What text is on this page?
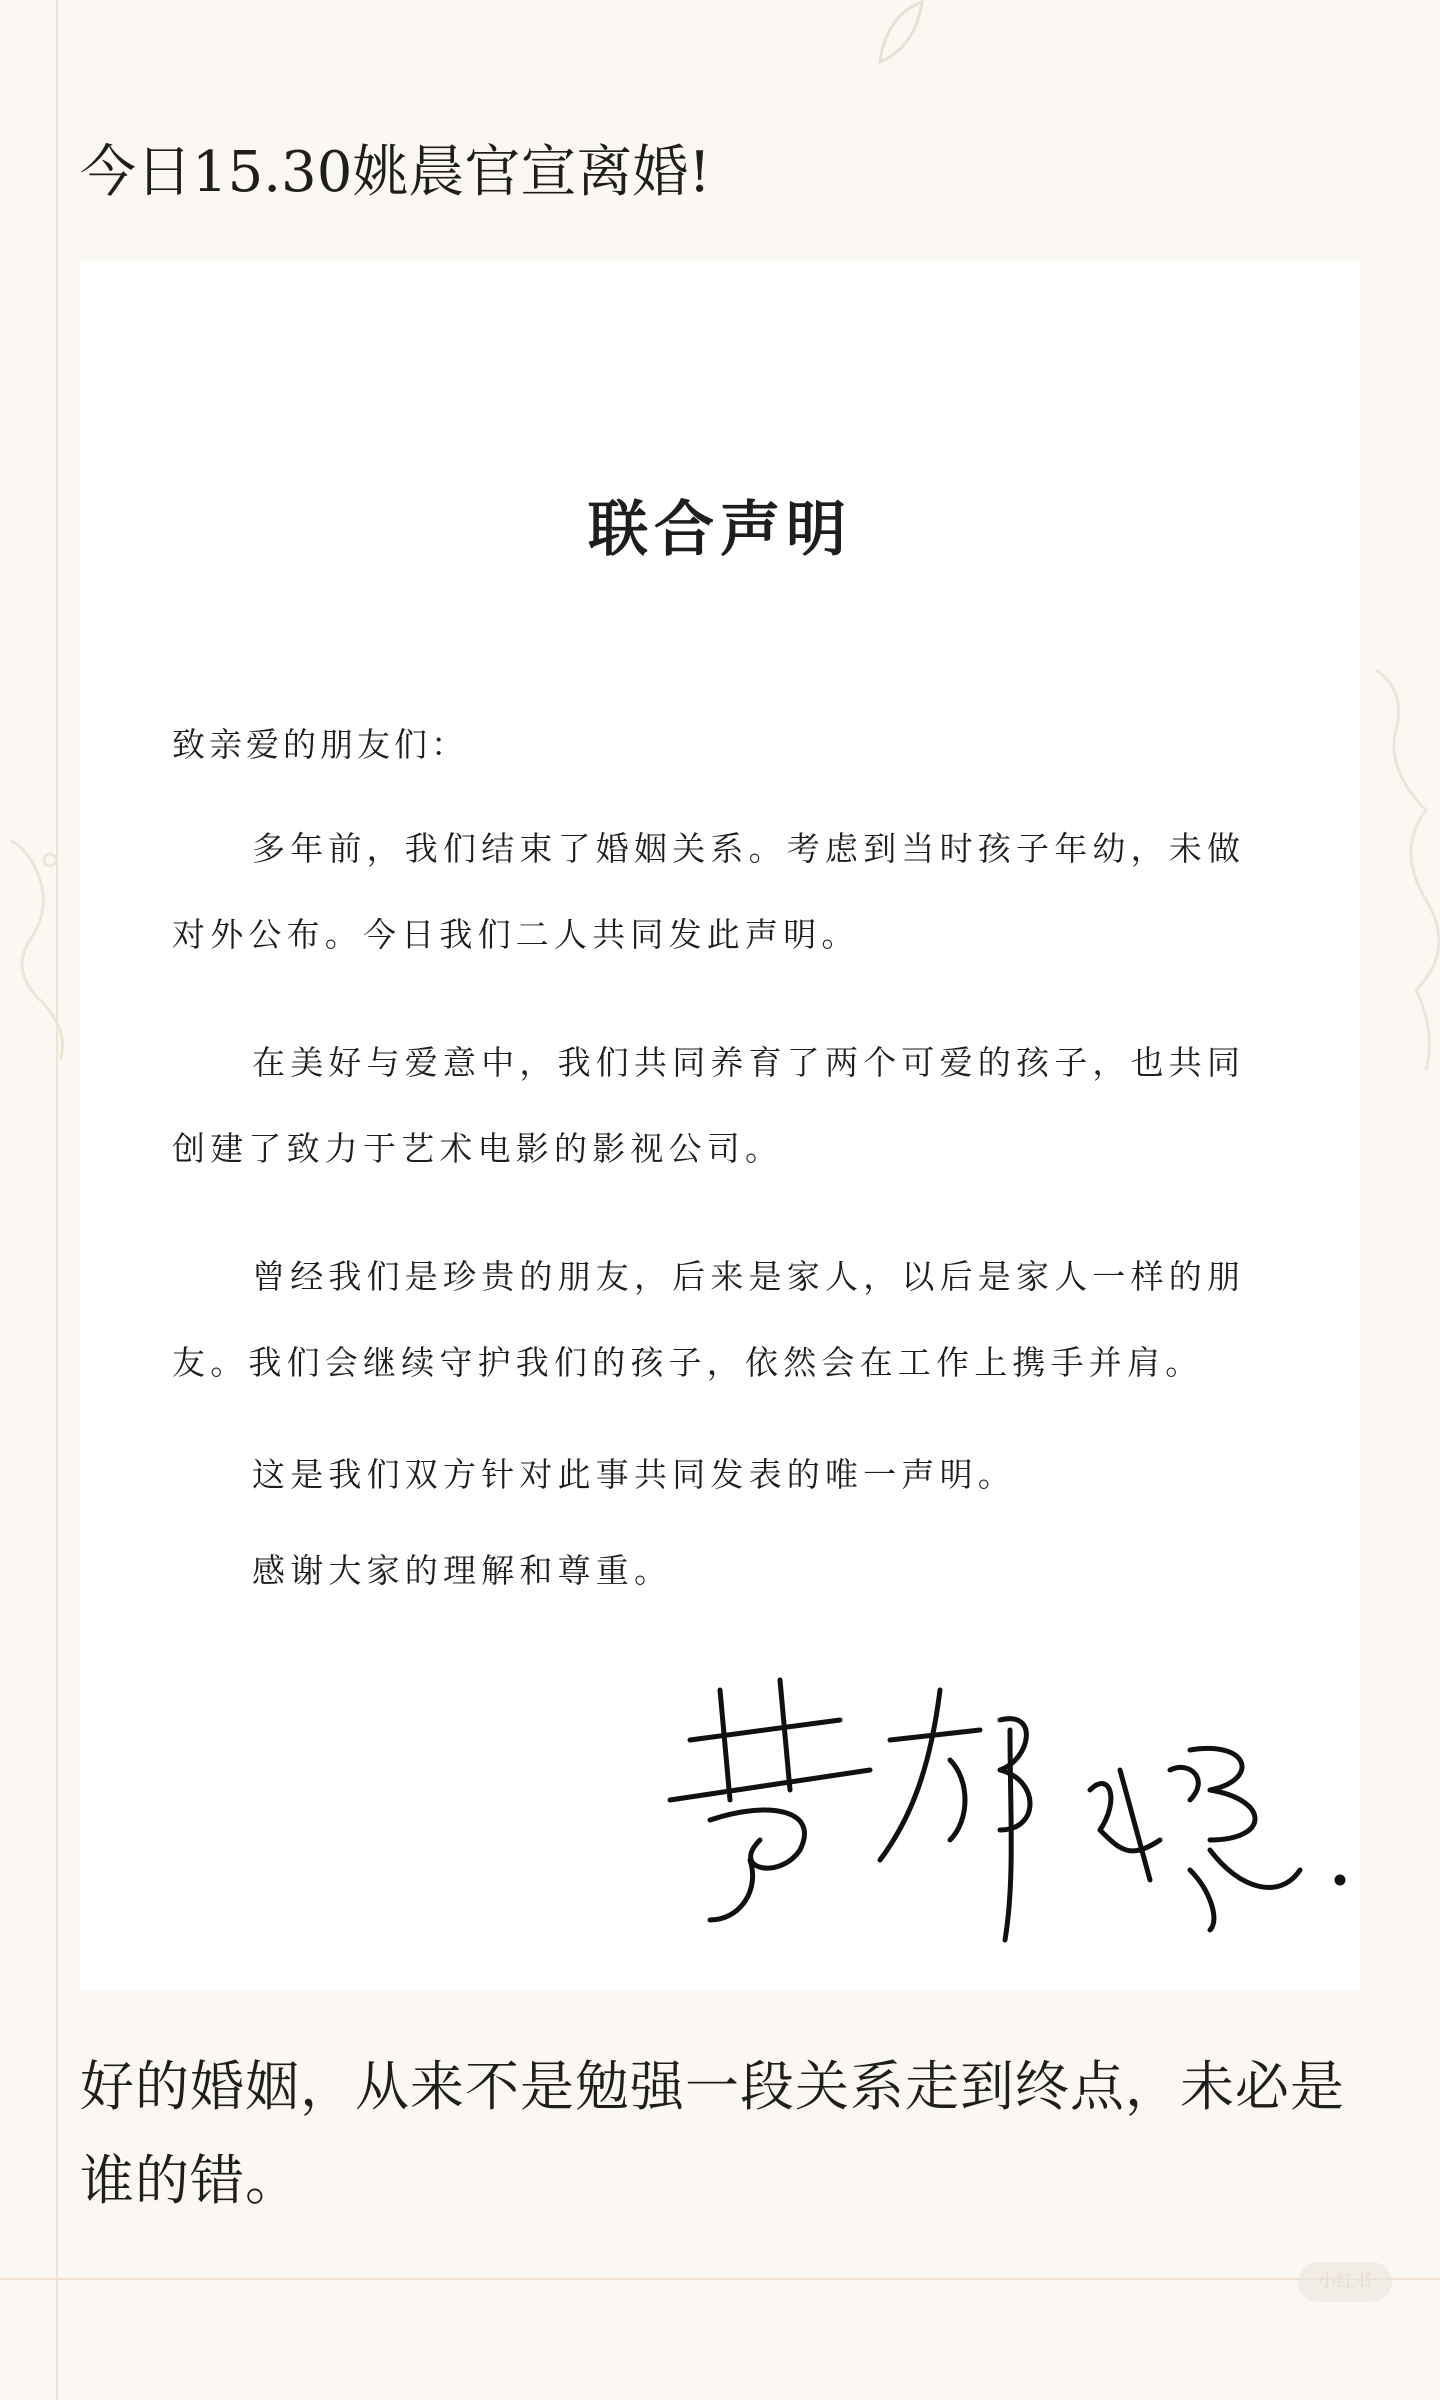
今日15.30姚晨官宣离婚!
联合声明
致亲爱的朋友们：

多年前，我们结束了婚姻关系。考虑到当时孩子年幼，未做对外公布。今日我们二人共同发此声明。

在美好与爱意中，我们共同养育了两个可爱的孩子，也共同创建了致力于艺术电影的影视公司。

曾经我们是珍贵的朋友，后来是家人，以后是家人一样的朋友。我们会继续守护我们的孩子，依然会在工作上携手并肩。

这是我们双方针对此事共同发表的唯一声明。

感谢大家的理解和尊重。

好的婚姻，从来不是勉强一段关系走到终点，未必是谁的错。
小红书
